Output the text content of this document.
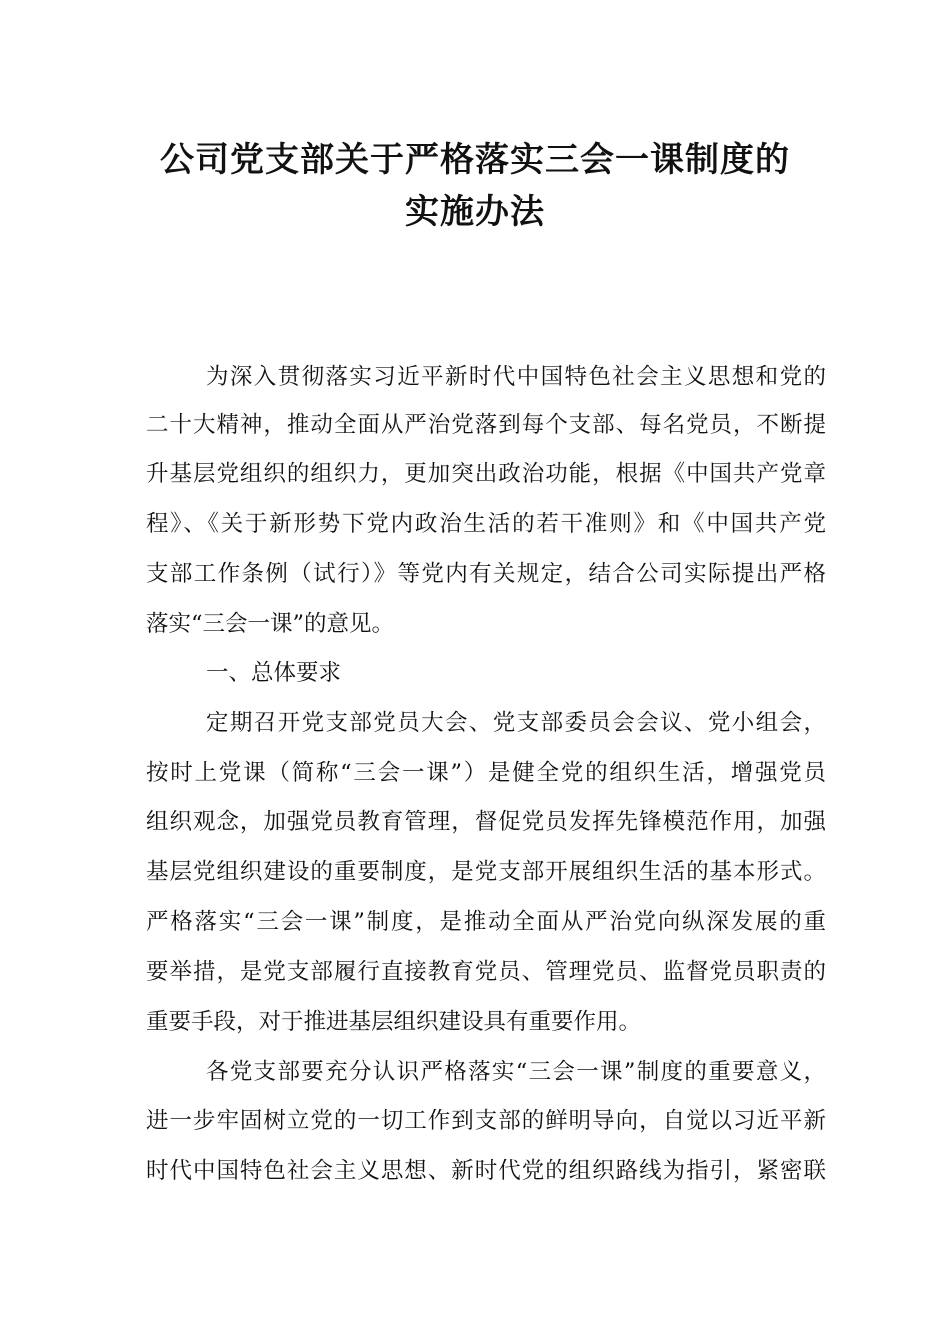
公司党支部关于严格落实三会一课制度的
实施办法
为深入贯彻落实习近平新时代中国特色社会主义思想和党的
二十大精神，推动全面从严治党落到每个支部、每名党员，不断提
升基层党组织的组织力，更加突出政治功能，根据《中国共产党章
程》、《关于新形势下党内政治生活的若干准则》和《中国共产党
支部工作条例（试行）》等党内有关规定，结合公司实际提出严格
落实“三会一课”的意见。
一、总体要求
定期召开党支部党员大会、党支部委员会会议、党小组会，
按时上党课（简称“三会一课”）是健全党的组织生活，增强党员
组织观念，加强党员教育管理，督促党员发挥先锋模范作用，加强
基层党组织建设的重要制度，是党支部开展组织生活的基本形式。
严格落实“三会一课”制度，是推动全面从严治党向纵深发展的重
要举措，是党支部履行直接教育党员、管理党员、监督党员职责的
重要手段，对于推进基层组织建设具有重要作用。
各党支部要充分认识严格落实“三会一课”制度的重要意义，
进一步牢固树立党的一切工作到支部的鲜明导向，自觉以习近平新
时代中国特色社会主义思想、新时代党的组织路线为指引，紧密联
